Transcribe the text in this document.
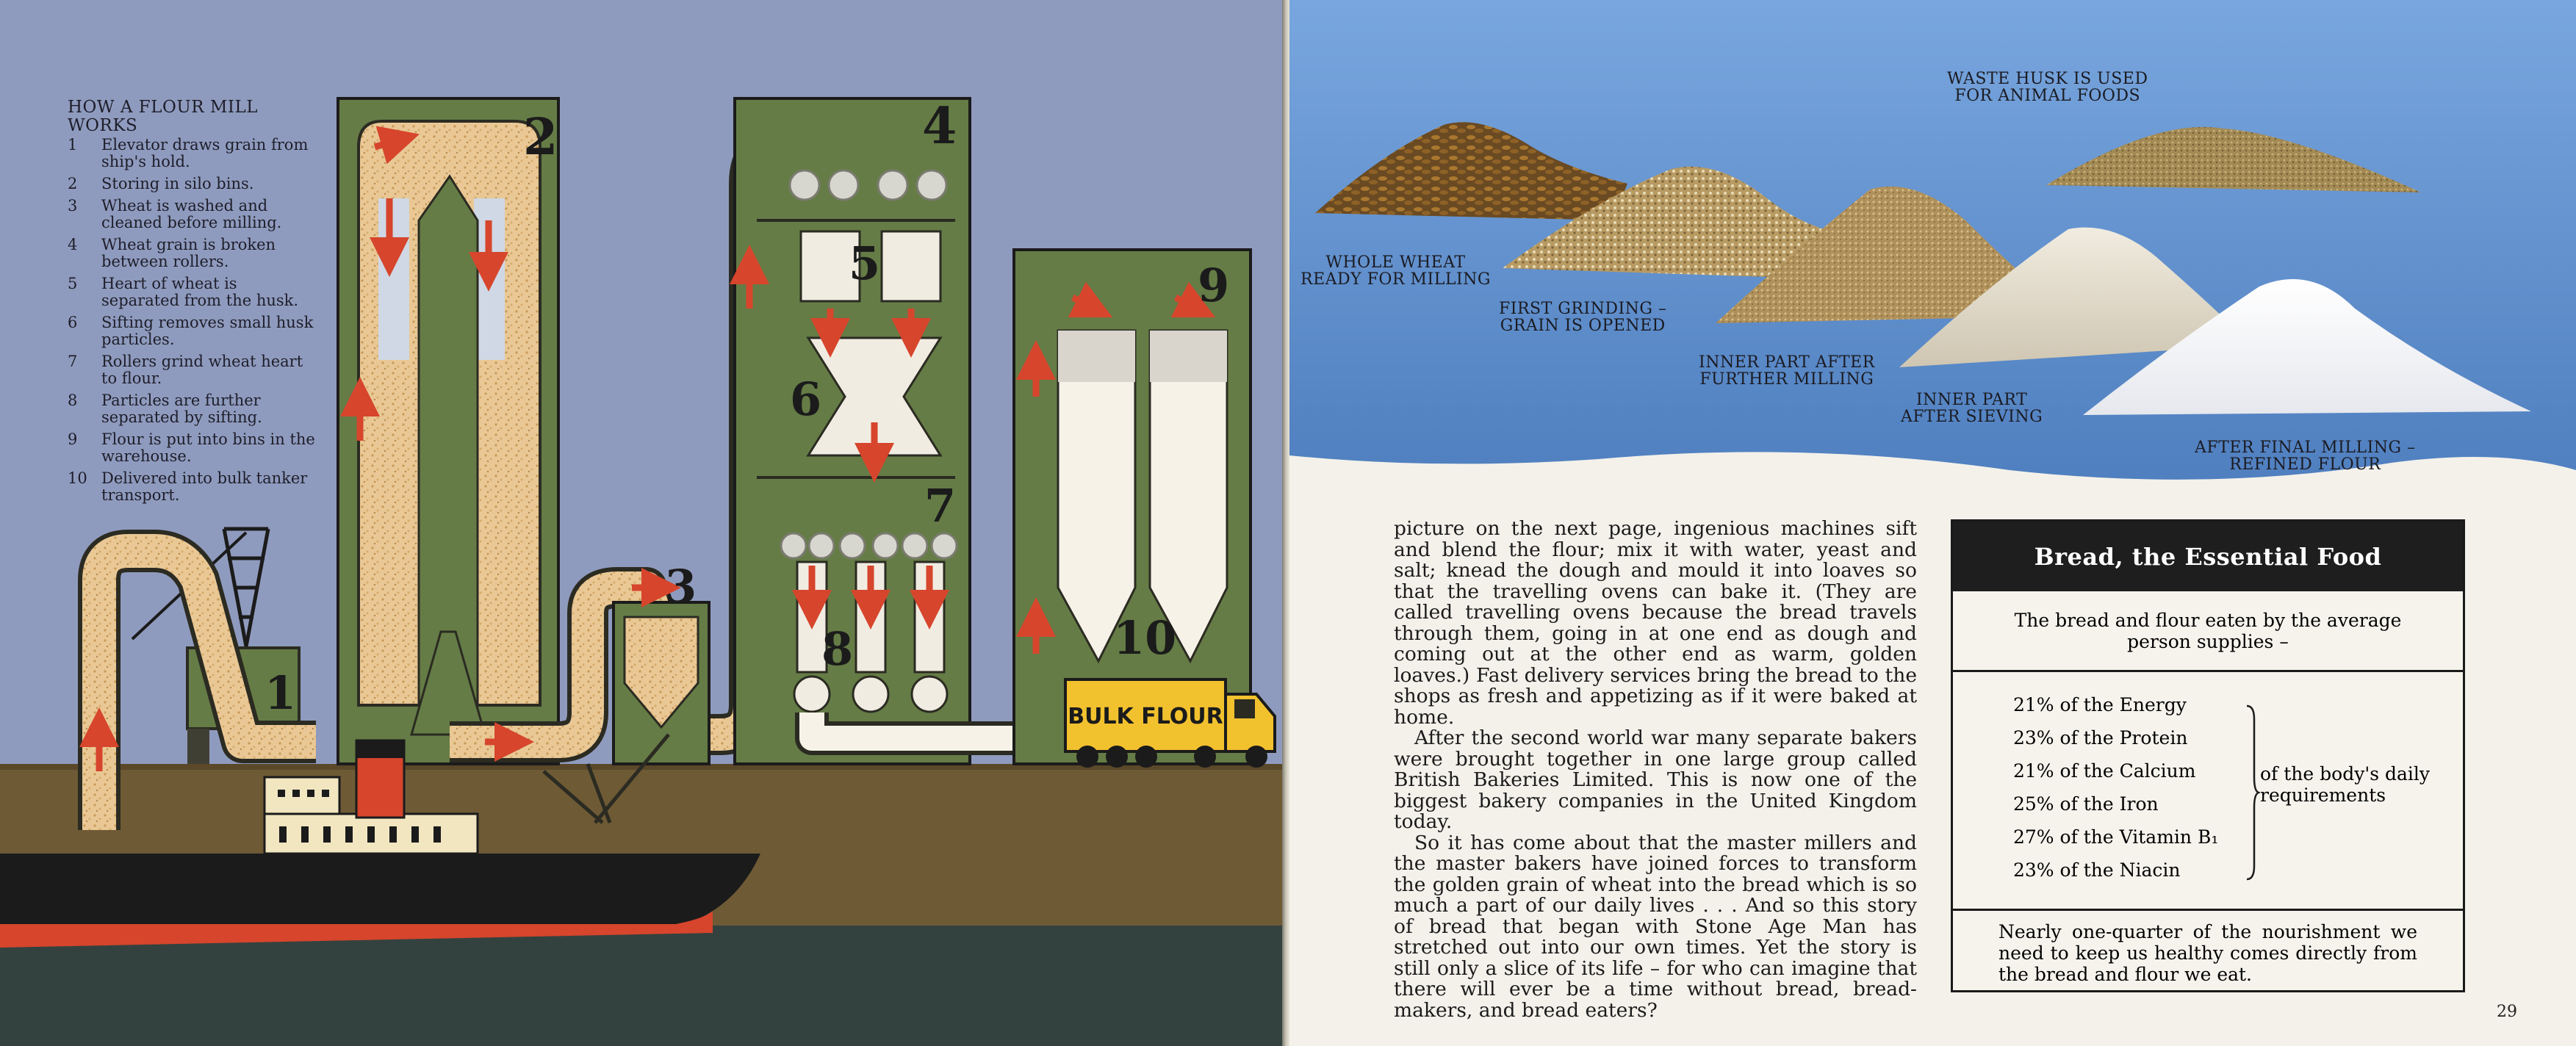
1
2
3
4
5
6
7
8
9
10
BULK FLOUR
HOW A FLOUR MILL WORKS
1	Elevator draws grain from ship's hold.
2	Storing in silo bins.
3	Wheat is washed and cleaned before milling.
4	Wheat grain is broken between rollers.
5	Heart of wheat is separated from the husk.
6	Sifting removes small husk particles.
7	Rollers grind wheat heart to flour.
8	Particles are further separated by sifting.
9	Flour is put into bins in the warehouse.
10 Delivered into bulk tanker transport.
WHOLE WHEAT
READY FOR MILLING
FIRST GRINDING –
GRAIN IS OPENED
INNER PART AFTER
FURTHER MILLING
INNER PART
AFTER SIEVING
WASTE HUSK IS USED
FOR ANIMAL FOODS
AFTER FINAL MILLING –
REFINED FLOUR

picture on the next page, ingenious machines sift and blend the flour; mix it with water, yeast and salt; knead the dough and mould it into loaves so that the travelling ovens can bake it. (They are called travelling ovens because the bread travels through them, going in at one end as dough and coming out at the other end as warm, golden loaves.) Fast delivery services bring the bread to the shops as fresh and appetizing as if it were baked at home.

After the second world war many separate bakers were brought together in one large group called British Bakeries Limited. This is now one of the biggest bakery companies in the United Kingdom today.

So it has come about that the master millers and the master bakers have joined forces to transform the golden grain of wheat into the bread which is so much a part of our daily lives . . . And so this story of bread that began with Stone Age Man has stretched out into our own times. Yet the story is still only a slice of its life – for who can imagine that there will ever be a time without bread, bread-makers, and bread eaters?

Bread, the Essential Food
The bread and flour eaten by the average person supplies –
21% of the Energy
23% of the Protein
21% of the Calcium
25% of the Iron
27% of the Vitamin B₁
23% of the Niacin
of the body's daily requirements
Nearly one-quarter of the nourishment we need to keep us healthy comes directly from the bread and flour we eat.
29
